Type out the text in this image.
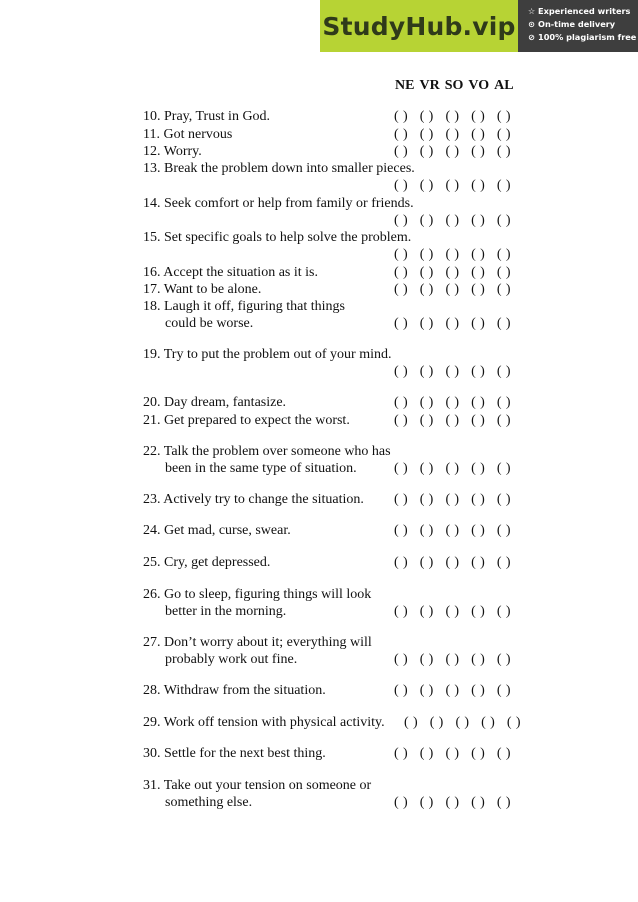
StudyHub.vip
☆ Experienced writers
⊙ On-time delivery
⊘ 100% plagiarism free
NE VR SO VO AL
10. Pray, Trust in God.	( )   ( )   ( )   ( )   ( )
11. Got nervous	( )   ( )   ( )   ( )   ( )
12. Worry.	( )   ( )   ( )   ( )   ( )
13. Break the problem down into smaller pieces.
( )   ( )   ( )   ( )   ( )
14. Seek comfort or help from family or friends.
( )   ( )   ( )   ( )   ( )
15. Set specific goals to help solve the problem.
( )   ( )   ( )   ( )   ( )
16. Accept the situation as it is.	( )   ( )   ( )   ( )   ( )
17. Want to be alone.	( )   ( )   ( )   ( )   ( )
18. Laugh it off, figuring that things
could be worse.	( )   ( )   ( )   ( )   ( )
19. Try to put the problem out of your mind.
( )   ( )   ( )   ( )   ( )
20. Day dream, fantasize.	( )   ( )   ( )   ( )   ( )
21. Get prepared to expect the worst.	( )   ( )   ( )   ( )   ( )
22. Talk the problem over someone who has
been in the same type of situation.	( )   ( )   ( )   ( )   ( )
23. Actively try to change the situation. ( )   ( )   ( )   ( )   ( )
24. Get mad, curse, swear.	( )   ( )   ( )   ( )   ( )
25. Cry, get depressed.	( )   ( )   ( )   ( )   ( )
26. Go to sleep, figuring things will look
better in the morning.	( )   ( )   ( )   ( )   ( )
27. Don’t worry about it; everything will
probably work out fine.	( )   ( )   ( )   ( )   ( )
28. Withdraw from the situation.	( )   ( )   ( )   ( )   ( )
29. Work off tension with physical activity. ( )   ( )   ( )   ( )   ( )
30. Settle for the next best thing.	( )   ( )   ( )   ( )   ( )
31. Take out your tension on someone or
something else.	( )   ( )   ( )   ( )   ( )
